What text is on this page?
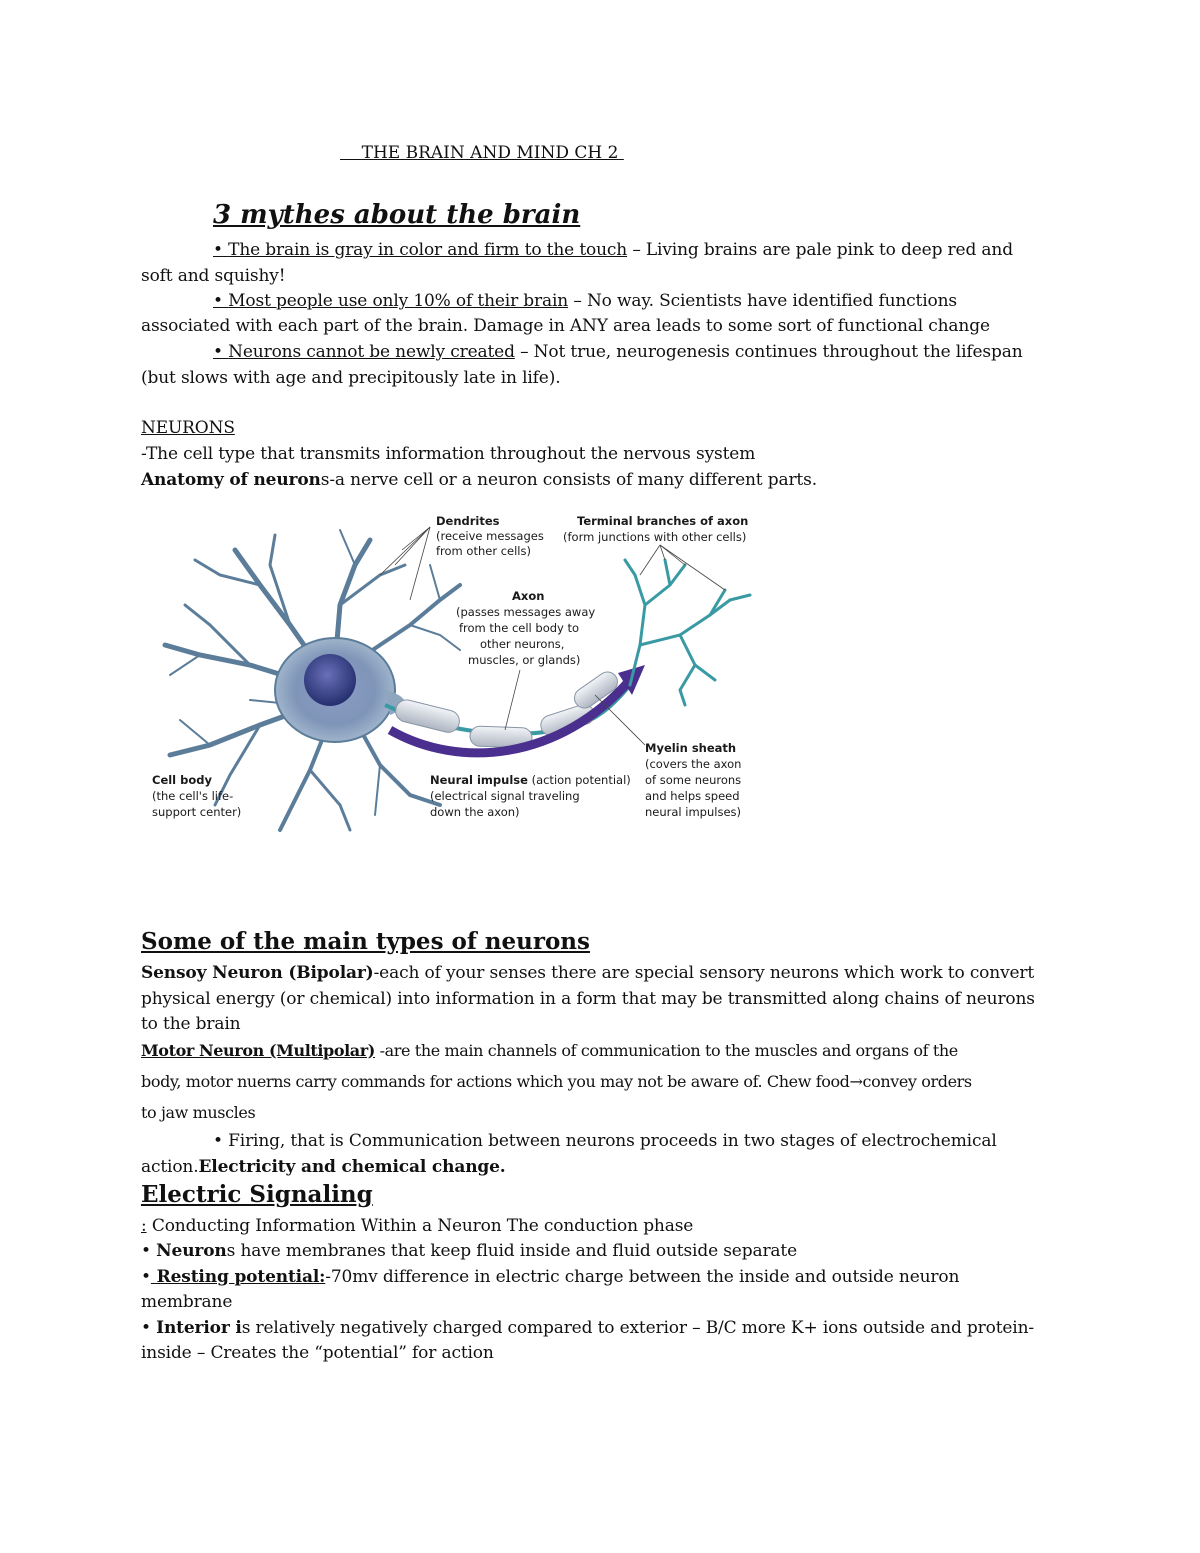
THE BRAIN AND MIND CH 2
3 mythes about the brain
• The brain is gray in color and firm to the touch – Living brains are pale pink to deep red and
soft and squishy!
• Most people use only 10% of their brain – No way. Scientists have identified functions
associated with each part of the brain. Damage in ANY area leads to some sort of functional change
• Neurons cannot be newly created – Not true, neurogenesis continues throughout the lifespan
(but slows with age and precipitously late in life).
NEURONS
-The cell type that transmits information throughout the nervous system
Anatomy of neurons-a nerve cell or a neuron consists of many different parts.
Dendrites
(receive messages
from other cells)
Terminal branches of axon
(form junctions with other cells)
Axon
(passes messages away
from the cell body to
other neurons,
muscles, or glands)
Myelin sheath
(covers the axon
of some neurons
and helps speed
neural impulses)
Cell body
(the cell's life-
support center)
Neural impulse (action potential)
(electrical signal traveling
down the axon)
Some of the main types of neurons
Sensoy Neuron (Bipolar)-each of your senses there are special sensory neurons which work to convert
physical energy (or chemical) into information in a form that may be transmitted along chains of neurons
to the brain
Motor Neuron (Multipolar) -are the main channels of communication to the muscles and organs of the
body, motor nuerns carry commands for actions which you may not be aware of. Chew food→convey orders
to jaw muscles
• Firing, that is Communication between neurons proceeds in two stages of electrochemical
action.Electricity and chemical change.
Electric Signaling
: Conducting Information Within a Neuron The conduction phase
• Neurons have membranes that keep fluid inside and fluid outside separate
• Resting potential:-70mv difference in electric charge between the inside and outside neuron
membrane
• Interior is relatively negatively charged compared to exterior – B/C more K+ ions outside and protein-
inside – Creates the “potential” for action
